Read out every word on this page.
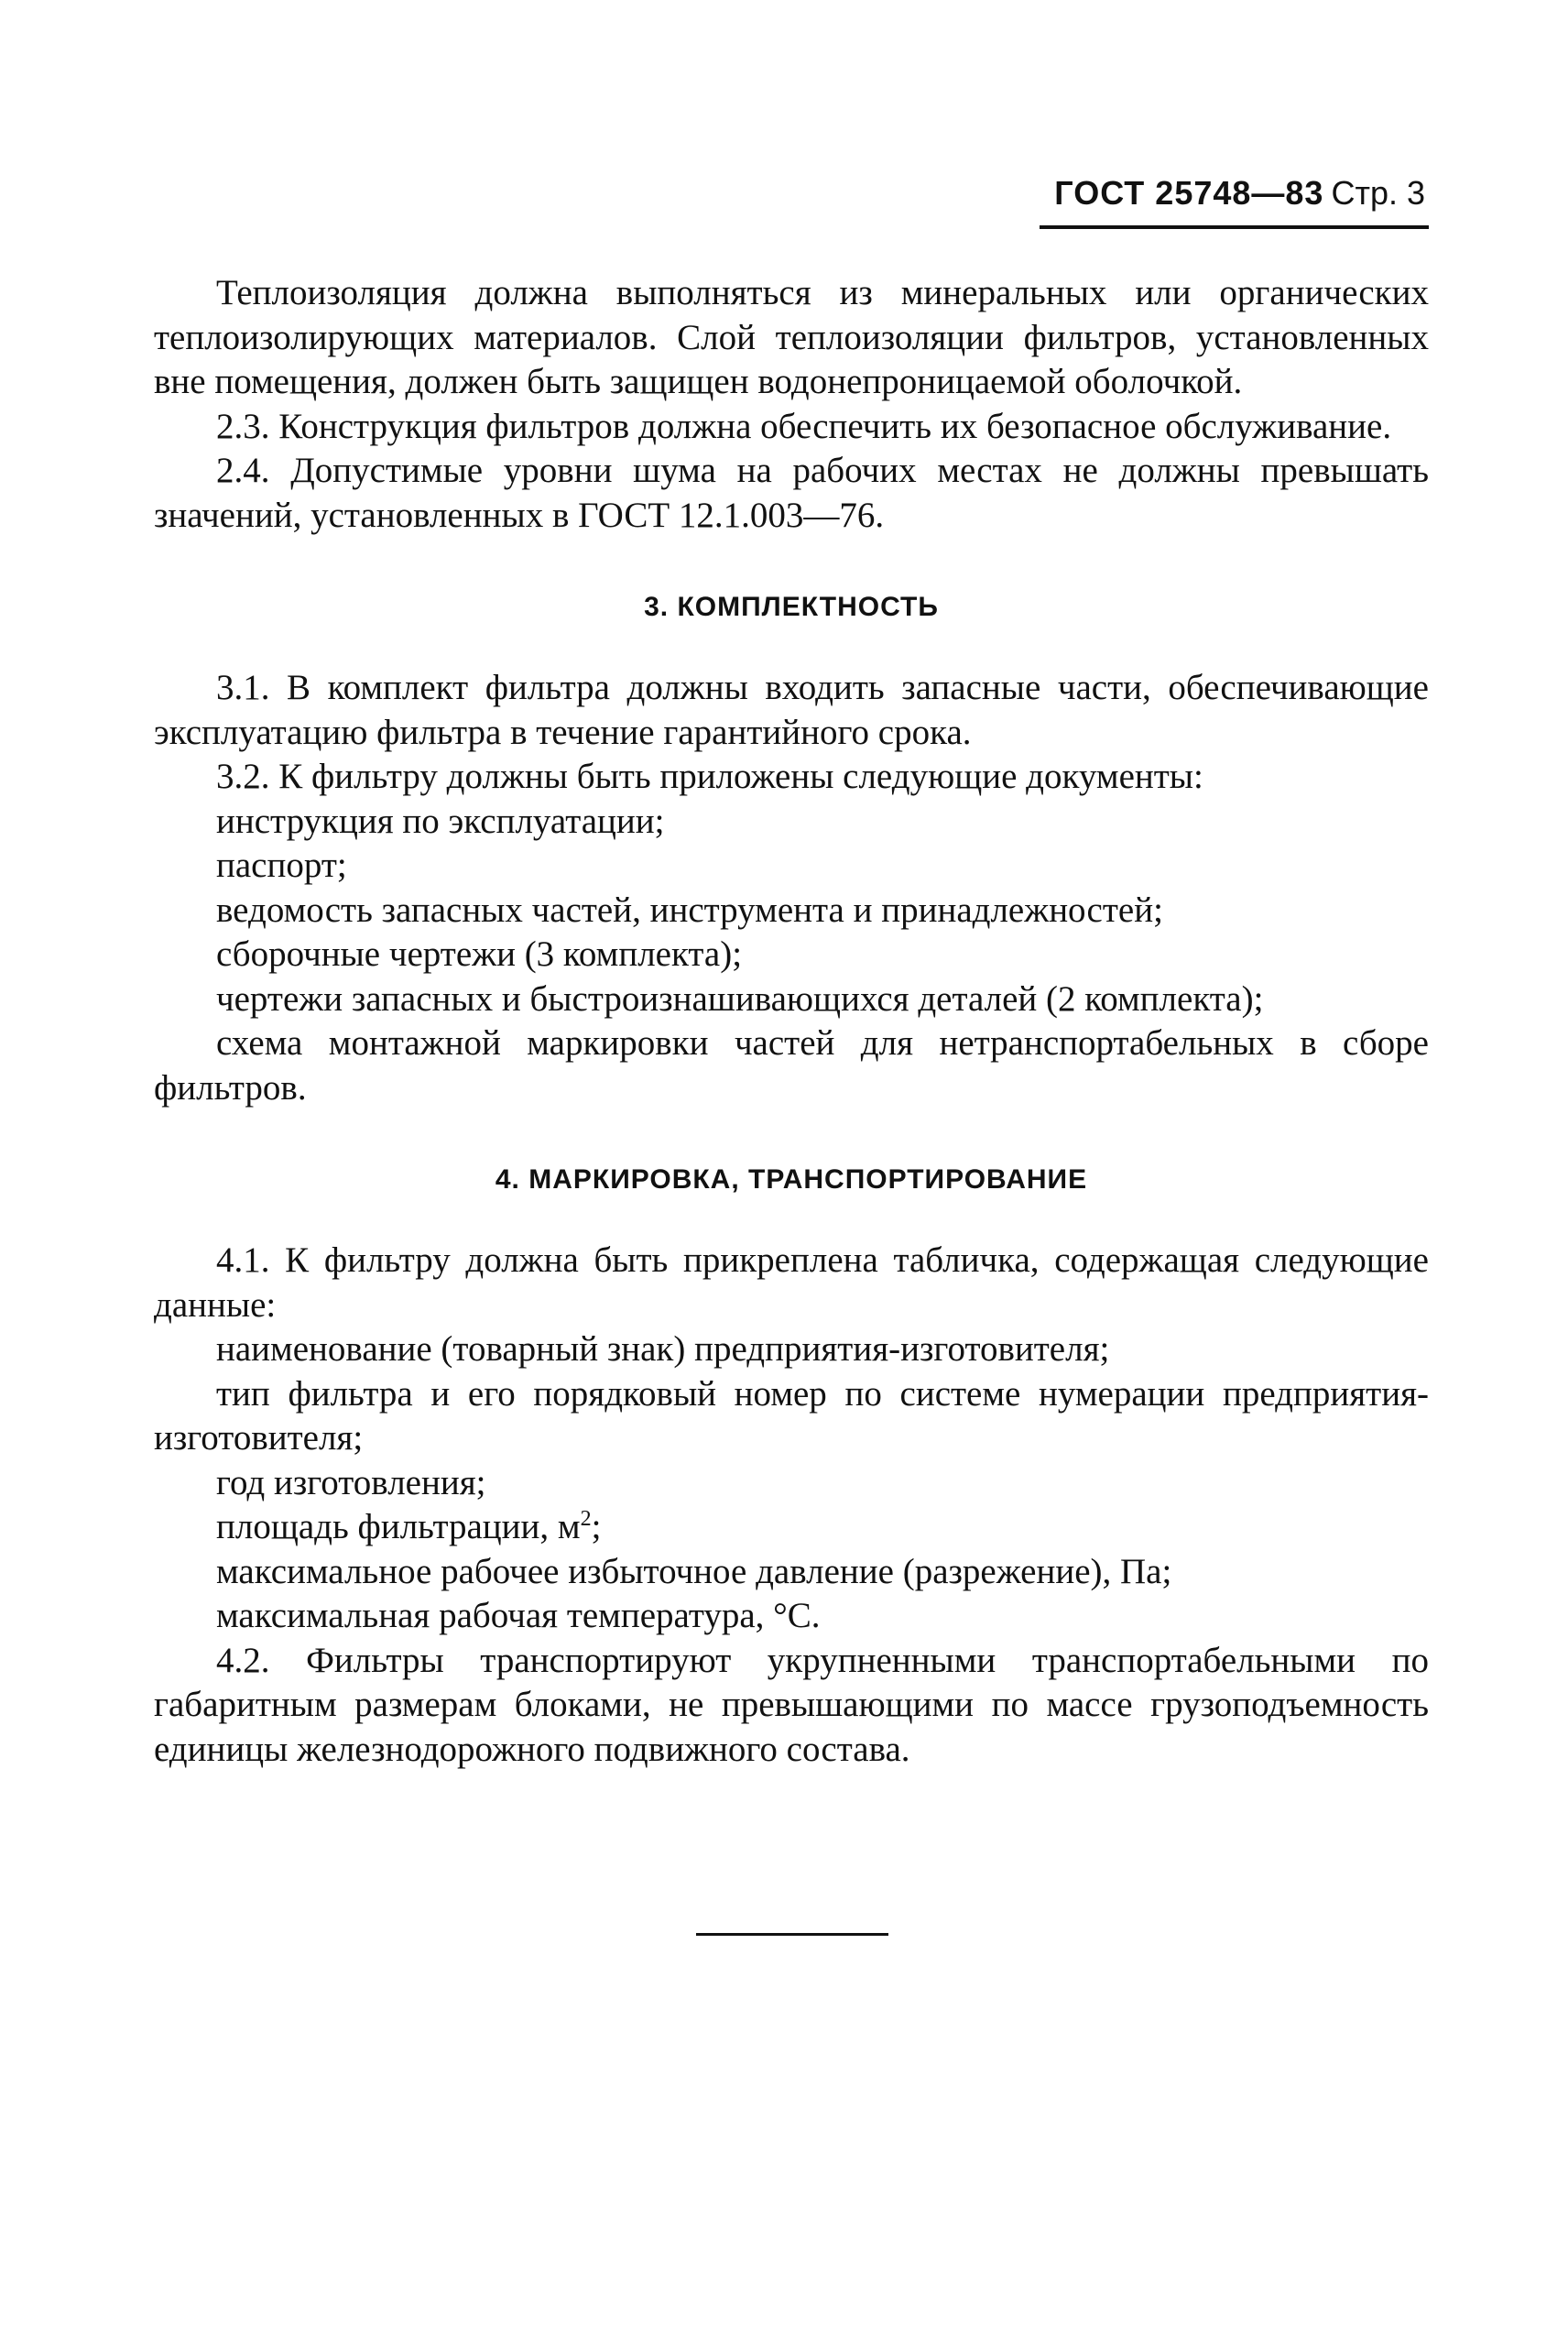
ГОСТ 25748—83 Стр. 3

Теплоизоляция должна выполняться из минеральных или органических теплоизолирующих материалов. Слой теплоизоляции фильтров, установленных вне помещения, должен быть защищен водонепроницаемой оболочкой.

2.3. Конструкция фильтров должна обеспечить их безопасное обслуживание.

2.4. Допустимые уровни шума на рабочих местах не должны превышать значений, установленных в ГОСТ 12.1.003—76.

3. КОМПЛЕКТНОСТЬ

3.1. В комплект фильтра должны входить запасные части, обеспечивающие эксплуатацию фильтра в течение гарантийного срока.

3.2. К фильтру должны быть приложены следующие документы:

инструкция по эксплуатации;

паспорт;

ведомость запасных частей, инструмента и принадлежностей;

сборочные чертежи (3 комплекта);

чертежи запасных и быстроизнашивающихся деталей (2 комплекта);

схема монтажной маркировки частей для нетранспортабельных в сборе фильтров.

4. МАРКИРОВКА, ТРАНСПОРТИРОВАНИЕ

4.1. К фильтру должна быть прикреплена табличка, содержащая следующие данные:

наименование (товарный знак) предприятия-изготовителя;

тип фильтра и его порядковый номер по системе нумерации предприятия-изготовителя;

год изготовления;

площадь фильтрации, $м^2$;

максимальное рабочее избыточное давление (разрежение), Па;

максимальная рабочая температура, °С.

4.2. Фильтры транспортируют укрупненными транспортабельными по габаритным размерам блоками, не превышающими по массе грузоподъемность единицы железнодорожного подвижного состава.
